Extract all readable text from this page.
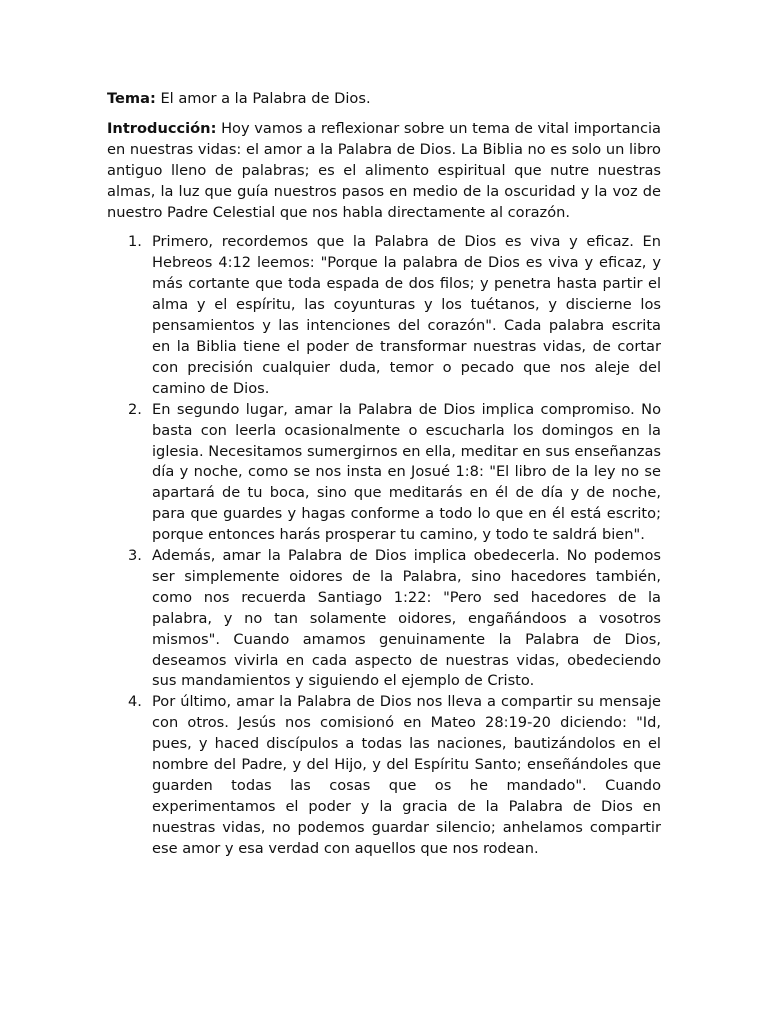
Tema: El amor a la Palabra de Dios.

Introducción: Hoy vamos a reflexionar sobre un tema de vital importancia en nuestras vidas: el amor a la Palabra de Dios. La Biblia no es solo un libro antiguo lleno de palabras; es el alimento espiritual que nutre nuestras almas, la luz que guía nuestros pasos en medio de la oscuridad y la voz de nuestro Padre Celestial que nos habla directamente al corazón.

1. Primero, recordemos que la Palabra de Dios es viva y eficaz. En Hebreos 4:12 leemos: "Porque la palabra de Dios es viva y eficaz, y más cortante que toda espada de dos filos; y penetra hasta partir el alma y el espíritu, las coyunturas y los tuétanos, y discierne los pensamientos y las intenciones del corazón". Cada palabra escrita en la Biblia tiene el poder de transformar nuestras vidas, de cortar con precisión cualquier duda, temor o pecado que nos aleje del camino de Dios.
2. En segundo lugar, amar la Palabra de Dios implica compromiso. No basta con leerla ocasionalmente o escucharla los domingos en la iglesia. Necesitamos sumergirnos en ella, meditar en sus enseñanzas día y noche, como se nos insta en Josué 1:8: "El libro de la ley no se apartará de tu boca, sino que meditarás en él de día y de noche, para que guardes y hagas conforme a todo lo que en él está escrito; porque entonces harás prosperar tu camino, y todo te saldrá bien".
3. Además, amar la Palabra de Dios implica obedecerla. No podemos ser simplemente oidores de la Palabra, sino hacedores también, como nos recuerda Santiago 1:22: "Pero sed hacedores de la palabra, y no tan solamente oidores, engañándoos a vosotros mismos". Cuando amamos genuinamente la Palabra de Dios, deseamos vivirla en cada aspecto de nuestras vidas, obedeciendo sus mandamientos y siguiendo el ejemplo de Cristo.
4. Por último, amar la Palabra de Dios nos lleva a compartir su mensaje con otros. Jesús nos comisionó en Mateo 28:19-20 diciendo: "Id, pues, y haced discípulos a todas las naciones, bautizándolos en el nombre del Padre, y del Hijo, y del Espíritu Santo; enseñándoles que guarden todas las cosas que os he mandado". Cuando experimentamos el poder y la gracia de la Palabra de Dios en nuestras vidas, no podemos guardar silencio; anhelamos compartir ese amor y esa verdad con aquellos que nos rodean.
